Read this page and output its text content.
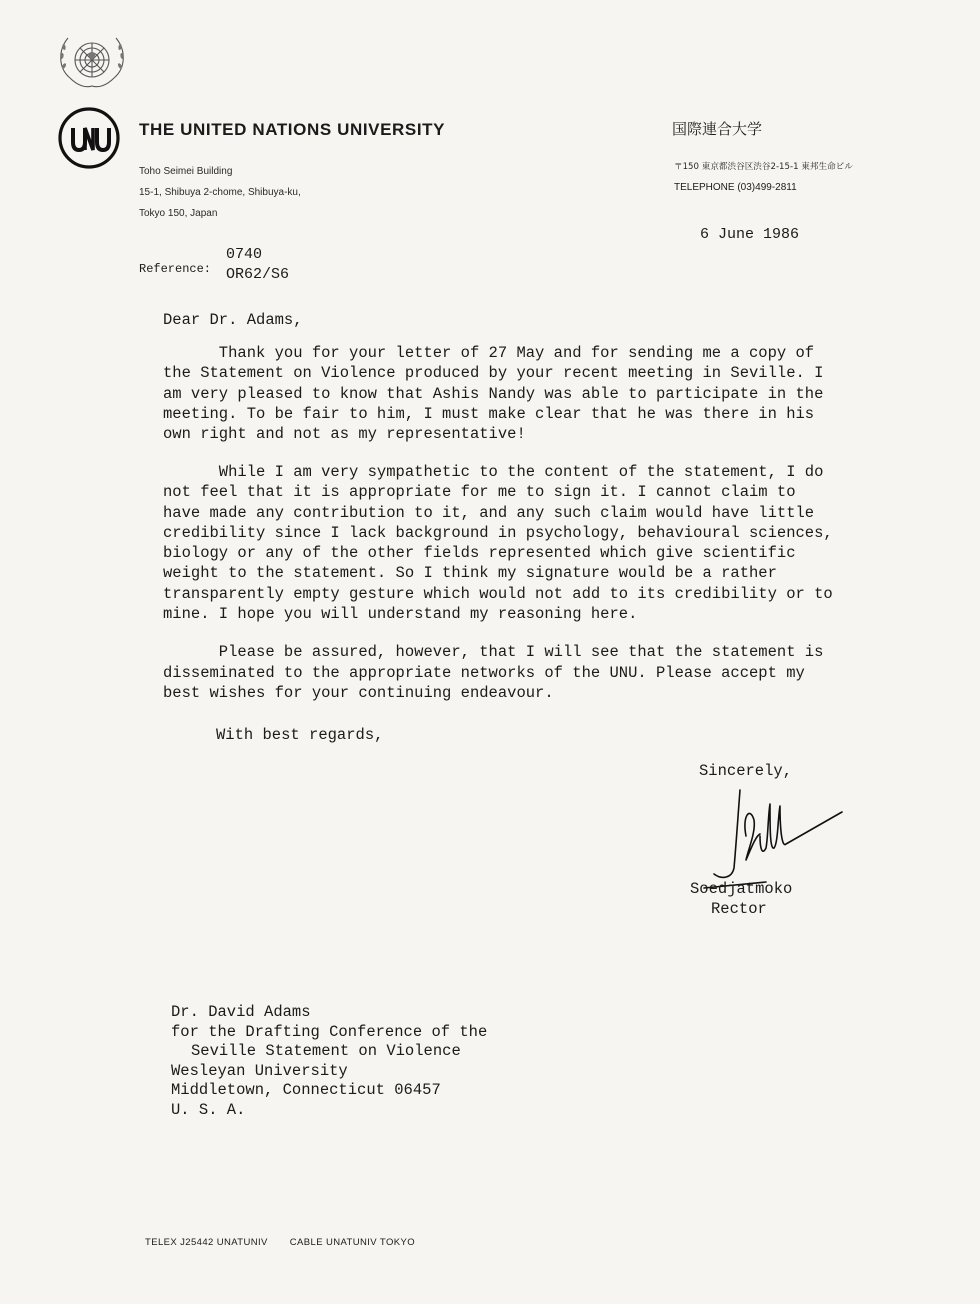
THE UNITED NATIONS UNIVERSITY
Toho Seimei Building
15-1, Shibuya 2-chome, Shibuya-ku,
Tokyo 150, Japan
国際連合大学
〒150 東京都渋谷区渋谷2-15-1 東邦生命ビル
TELEPHONE (03)499-2811
6 June 1986
Reference:
0740
OR62/S6
Dear Dr. Adams,
Thank you for your letter of 27 May and for sending me a copy of
the Statement on Violence produced by your recent meeting in Seville. I
am very pleased to know that Ashis Nandy was able to participate in the
meeting. To be fair to him, I must make clear that he was there in his
own right and not as my representative!
While I am very sympathetic to the content of the statement, I do
not feel that it is appropriate for me to sign it. I cannot claim to
have made any contribution to it, and any such claim would have little
credibility since I lack background in psychology, behavioural sciences,
biology or any of the other fields represented which give scientific
weight to the statement. So I think my signature would be a rather
transparently empty gesture which would not add to its credibility or to
mine. I hope you will understand my reasoning here.
Please be assured, however, that I will see that the statement is
disseminated to the appropriate networks of the UNU. Please accept my
best wishes for your continuing endeavour.
With best regards,
Sincerely,
Soedjatmoko
Rector
Dr. David Adams
for the Drafting Conference of the
Seville Statement on Violence
Wesleyan University
Middletown, Connecticut 06457
U. S. A.
TELEX J25442 UNATUNIV CABLE UNATUNIV TOKYO
